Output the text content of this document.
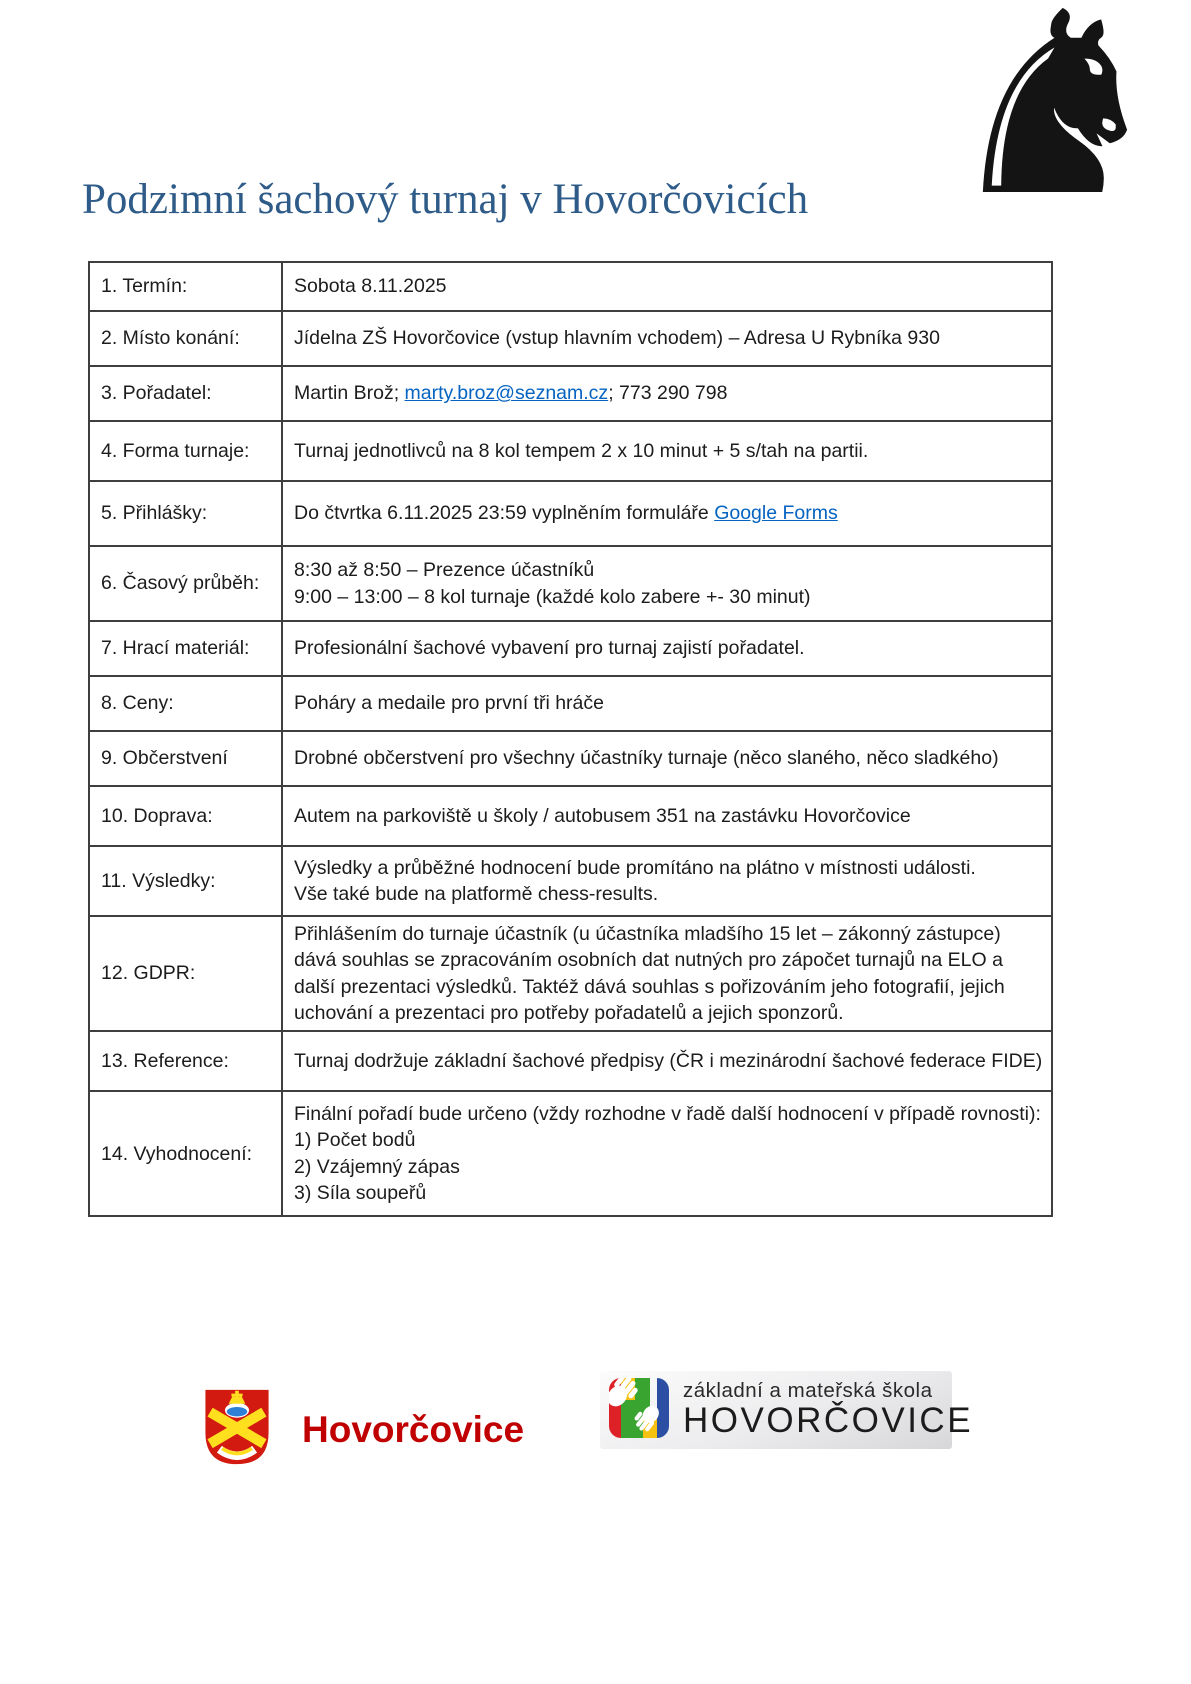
Podzimní šachový turnaj v Hovorčovicích ♞
1. Termín:	Sobota 8.11.2025

2. Místo konání:	Jídelna ZŠ Hovorčovice (vstup hlavním vchodem) – Adresa U Rybníka 930

3. Pořadatel:	Martin Brož; marty.broz@seznam.cz; 773 290 798

4. Forma turnaje:	Turnaj jednotlivců na 8 kol tempem 2 x 10 minut + 5 s/tah na partii.

5. Přihlášky:	Do čtvrtka 6.11.2025 23:59 vyplněním formuláře Google Forms

6. Časový průběh:	8:30 až 8:50 – Prezence účastníků
9:00 – 13:00 – 8 kol turnaje (každé kolo zabere +- 30 minut)

7. Hrací materiál:	Profesionální šachové vybavení pro turnaj zajistí pořadatel.

8. Ceny:	Poháry a medaile pro první tři hráče

9. Občerstvení	Drobné občerstvení pro všechny účastníky turnaje (něco slaného, něco sladkého)

10. Doprava:	Autem na parkoviště u školy / autobusem 351 na zastávku Hovorčovice

11. Výsledky:	Výsledky a průběžné hodnocení bude promítáno na plátno v místnosti události.
Vše také bude na platformě chess-results.

12. GDPR:	Přihlášením do turnaje účastník (u účastníka mladšího 15 let – zákonný zástupce) dává souhlas se zpracováním osobních dat nutných pro zápočet turnajů na ELO a další prezentaci výsledků. Taktéž dává souhlas s pořizováním jeho fotografií, jejich uchování a prezentaci pro potřeby pořadatelů a jejich sponzorů.

13. Reference:	Turnaj dodržuje základní šachové předpisy (ČR i mezinárodní šachové federace FIDE)

14. Vyhodnocení:	Finální pořadí bude určeno (vždy rozhodne v řadě další hodnocení v případě rovnosti):
1) Počet bodů
2) Vzájemný zápas
3) Síla soupeřů
Hovorčovice
základní a mateřská škola
HOVORČOVICE
